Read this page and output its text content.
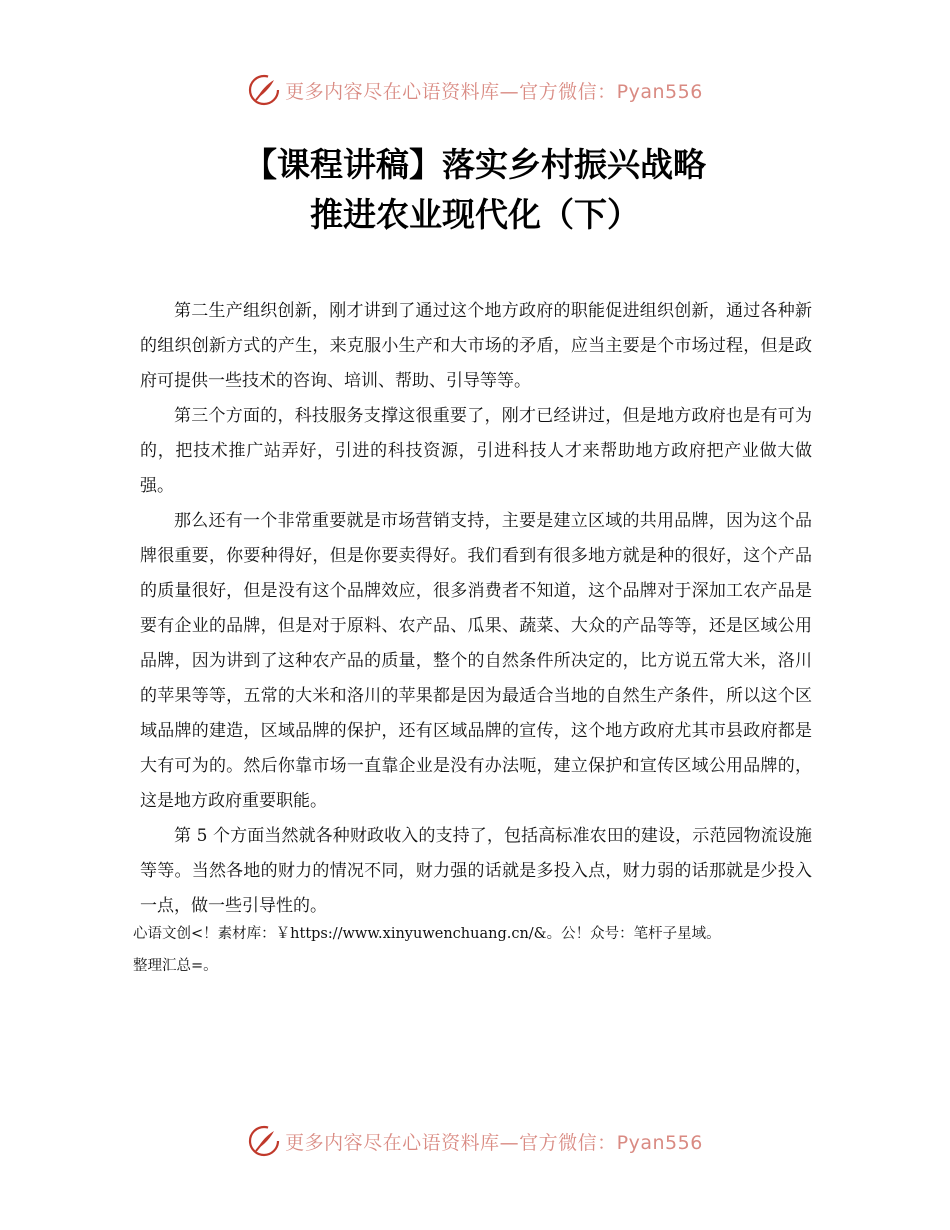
更多内容尽在心语资料库—官方微信：Pyan556
【课程讲稿】落实乡村振兴战略
推进农业现代化（下）

第二生产组织创新，刚才讲到了通过这个地方政府的职能促进组织创新，通过各种新的组织创新方式的产生，来克服小生产和大市场的矛盾，应当主要是个市场过程，但是政府可提供一些技术的咨询、培训、帮助、引导等等。

第三个方面的，科技服务支撑这很重要了，刚才已经讲过，但是地方政府也是有可为的，把技术推广站弄好，引进的科技资源，引进科技人才来帮助地方政府把产业做大做强。

那么还有一个非常重要就是市场营销支持，主要是建立区域的共用品牌，因为这个品牌很重要，你要种得好，但是你要卖得好。我们看到有很多地方就是种的很好，这个产品的质量很好，但是没有这个品牌效应，很多消费者不知道，这个品牌对于深加工农产品是要有企业的品牌，但是对于原料、农产品、瓜果、蔬菜、大众的产品等等，还是区域公用品牌，因为讲到了这种农产品的质量，整个的自然条件所决定的，比方说五常大米，洛川的苹果等等，五常的大米和洛川的苹果都是因为最适合当地的自然生产条件，所以这个区域品牌的建造，区域品牌的保护，还有区域品牌的宣传，这个地方政府尤其市县政府都是大有可为的。然后你靠市场一直靠企业是没有办法呃，建立保护和宣传区域公用品牌的，这是地方政府重要职能。

第 5 个方面当然就各种财政收入的支持了，包括高标准农田的建设，示范园物流设施等等。当然各地的财力的情况不同，财力强的话就是多投入点，财力弱的话那就是少投入一点，做一些引导性的。

心语文创<！素材库：￥https://www.xinyuwenchuang.cn/&。公！众号：笔杆子星域。
整理汇总=。
更多内容尽在心语资料库—官方微信：Pyan556
